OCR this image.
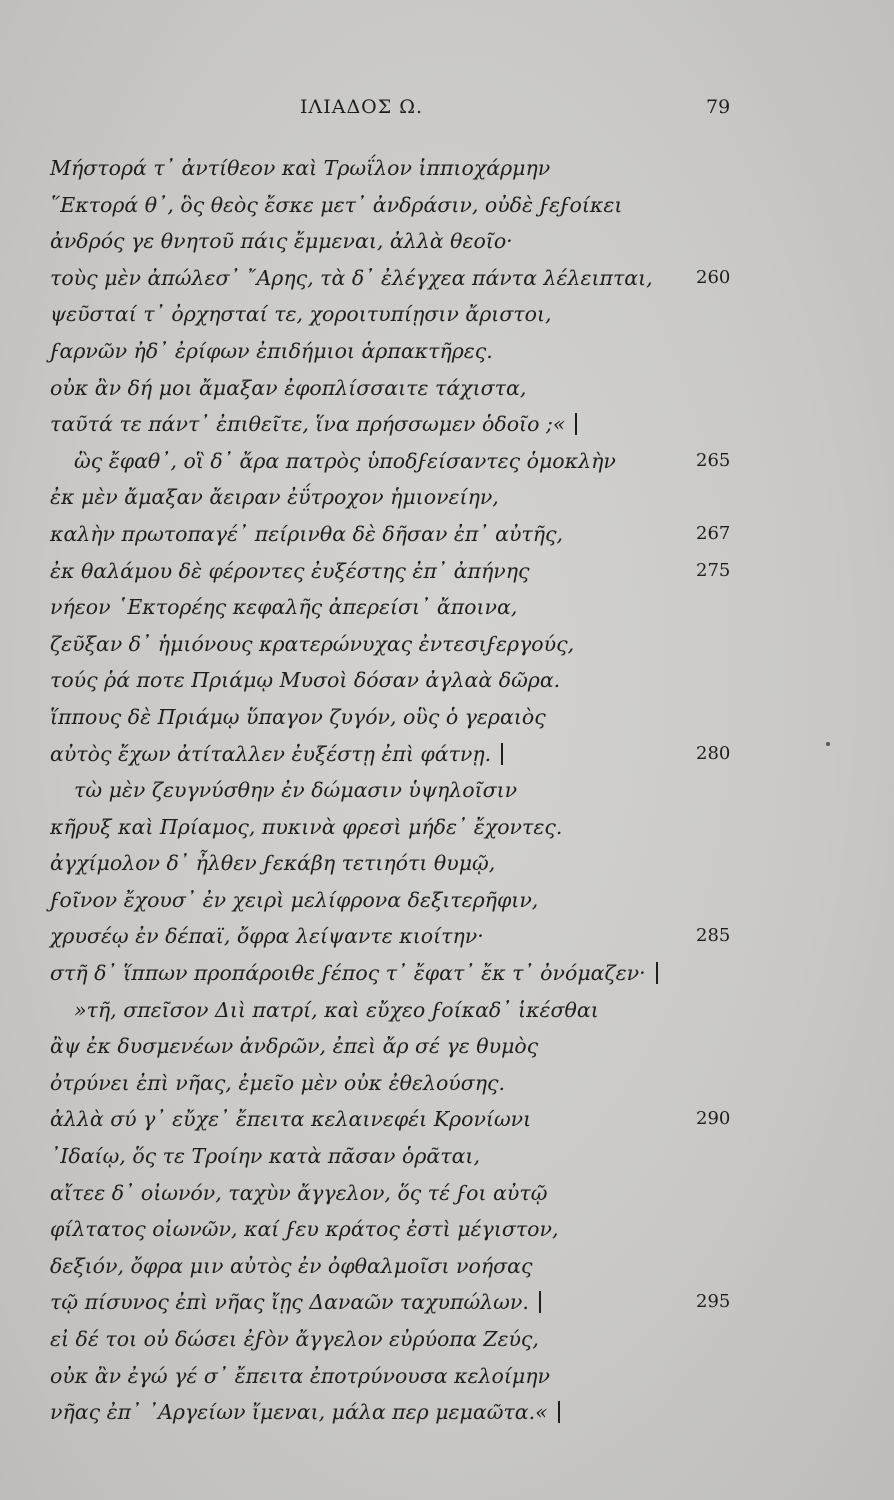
ΙΛΙΑΔΟΣ Ω.	79
Μήστορά τ᾿ ἀντίθεον καὶ Τρωΐλον ἱππιοχάρμην
῞Εκτορά θ᾿, ὃς θεὸς ἔσκε μετ᾿ ἀνδράσιν, οὐδὲ ϝεϝοίκει
ἀνδρός γε θνητοῦ πάις ἔμμεναι, ἀλλὰ θεοῖο·
τοὺς μὲν ἀπώλεσ᾿ ῎Αρης, τὰ δ᾿ ἐλέγχεα πάντα λέλειπται, 260
ψεῦσταί τ᾿ ὀρχησταί τε, χοροιτυπίῃσιν ἄριστοι,
ϝαρνῶν ἠδ᾿ ἐρίφων ἐπιδήμιοι ἁρπακτῆρες.
οὐκ ἂν δή μοι ἄμαξαν ἐφοπλίσσαιτε τάχιστα,
ταῦτά τε πάντ᾿ ἐπιθεῖτε, ἵνα πρήσσωμεν ὁδοῖο ;«
ὣς ἔφαθ᾿, οἳ δ᾿ ἄρα πατρὸς ὑποδϝείσαντες ὁμοκλὴν	265
ἐκ μὲν ἄμαξαν ἄειραν ἐΰτροχον ἡμιονείην,
καλὴν πρωτοπαγέ᾿ πείρινθα δὲ δῆσαν ἐπ᾿ αὐτῆς,	267
ἐκ θαλάμου δὲ φέροντες ἐυξέστης ἐπ᾿ ἀπήνης	275
νήεον ῾Εκτορέης κεφαλῆς ἀπερείσι᾿ ἄποινα,
ζεῦξαν δ᾿ ἡμιόνους κρατερώνυχας ἐντεσιϝεργούς,
τούς ῥά ποτε Πριάμῳ Μυσοὶ δόσαν ἀγλαὰ δῶρα.
ἵππους δὲ Πριάμῳ ὕπαγον ζυγόν, οὓς ὁ γεραιὸς
αὐτὸς ἔχων ἀτίταλλεν ἐυξέστῃ ἐπὶ φάτνῃ.	280
τὼ μὲν ζευγνύσθην ἐν δώμασιν ὑψηλοῖσιν
κῆρυξ καὶ Πρίαμος, πυκινὰ φρεσὶ μήδε᾿ ἔχοντες.
ἀγχίμολον δ᾿ ἦλθεν ϝεκάβη τετιηότι θυμῷ,
ϝοῖνον ἔχουσ᾿ ἐν χειρὶ μελίφρονα δεξιτερῆφιν,
χρυσέῳ ἐν δέπαϊ, ὄφρα λείψαντε κιοίτην·	285
στῆ δ᾿ ἵππων προπάροιθε ϝέπος τ᾿ ἔφατ᾿ ἔκ τ᾿ ὀνόμαζεν·
»τῆ, σπεῖσον Διὶ πατρί, καὶ εὔχεο ϝοίκαδ᾿ ἱκέσθαι
ἂψ ἐκ δυσμενέων ἀνδρῶν, ἐπεὶ ἄρ σέ γε θυμὸς
ὀτρύνει ἐπὶ νῆας, ἐμεῖο μὲν οὐκ ἐθελούσης.
ἀλλὰ σύ γ᾿ εὔχε᾿ ἔπειτα κελαινεφέι Κρονίωνι	290
᾿Ιδαίῳ, ὅς τε Τροίην κατὰ πᾶσαν ὁρᾶται,
αἴτεε δ᾿ οἰωνόν, ταχὺν ἄγγελον, ὅς τέ ϝοι αὐτῷ
φίλτατος οἰωνῶν, καί ϝευ κράτος ἐστὶ μέγιστον,
δεξιόν, ὄφρα μιν αὐτὸς ἐν ὀφθαλμοῖσι νοήσας
τῷ πίσυνος ἐπὶ νῆας ἴῃς Δαναῶν ταχυπώλων.	295
εἰ δέ τοι οὐ δώσει ἐϝὸν ἄγγελον εὐρύοπα Ζεύς,
οὐκ ἂν ἐγώ γέ σ᾿ ἔπειτα ἐποτρύνουσα κελοίμην
νῆας ἐπ᾿ ᾿Αργείων ἴμεναι, μάλα περ μεμαῶτα.«
